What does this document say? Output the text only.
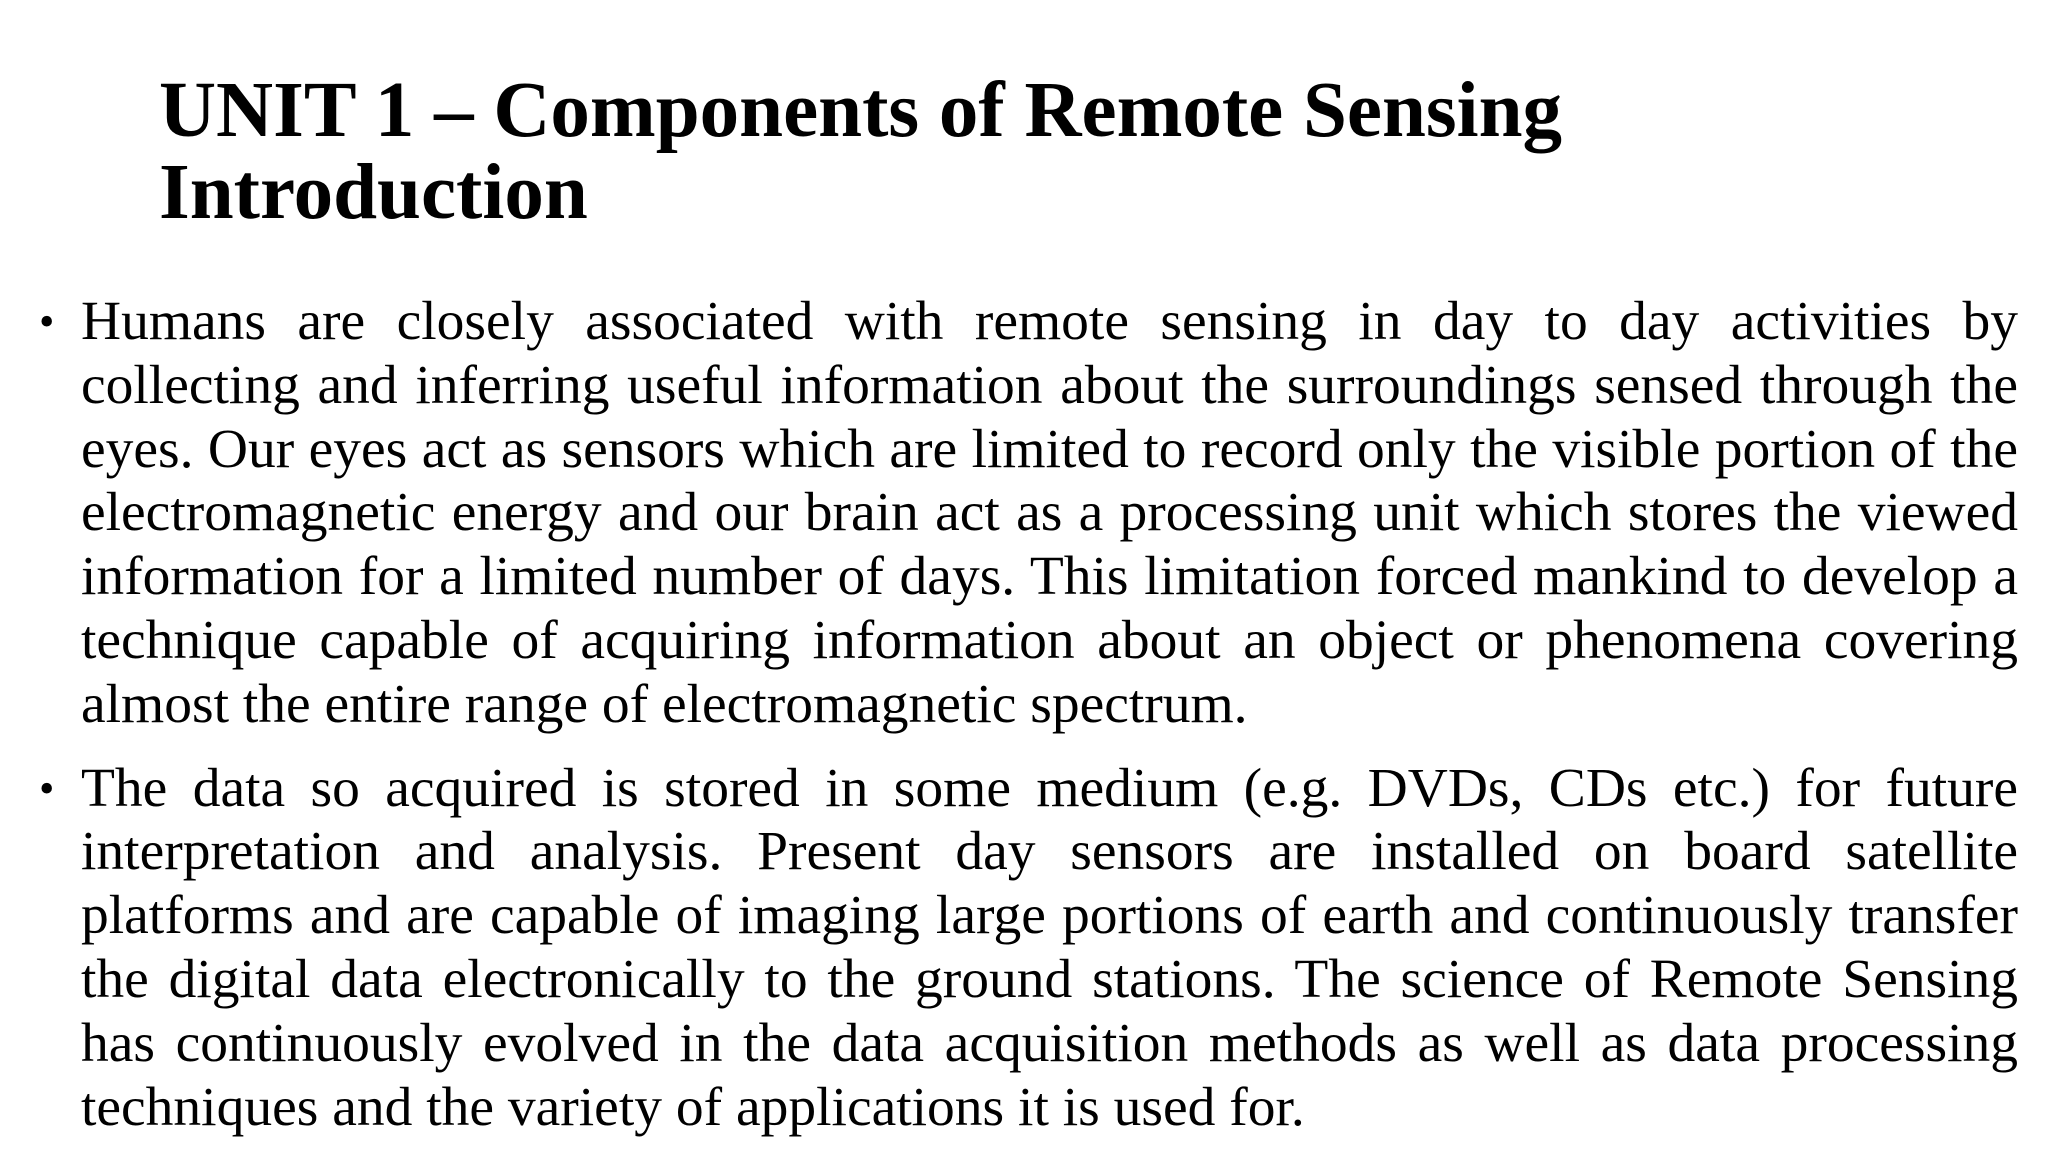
UNIT 1 – Components of Remote Sensing
Introduction
• Humans are closely associated with remote sensing in day to day activities by collecting and inferring useful information about the surroundings sensed through the eyes. Our eyes act as sensors which are limited to record only the visible portion of the electromagnetic energy and our brain act as a processing unit which stores the viewed information for a limited number of days. This limitation forced mankind to develop a technique capable of acquiring information about an object or phenomena covering almost the entire range of electromagnetic spectrum.
• The data so acquired is stored in some medium (e.g. DVDs, CDs etc.) for future interpretation and analysis. Present day sensors are installed on board satellite platforms and are capable of imaging large portions of earth and continuously transfer the digital data electronically to the ground stations. The science of Remote Sensing has continuously evolved in the data acquisition methods as well as data processing techniques and the variety of applications it is used for.
